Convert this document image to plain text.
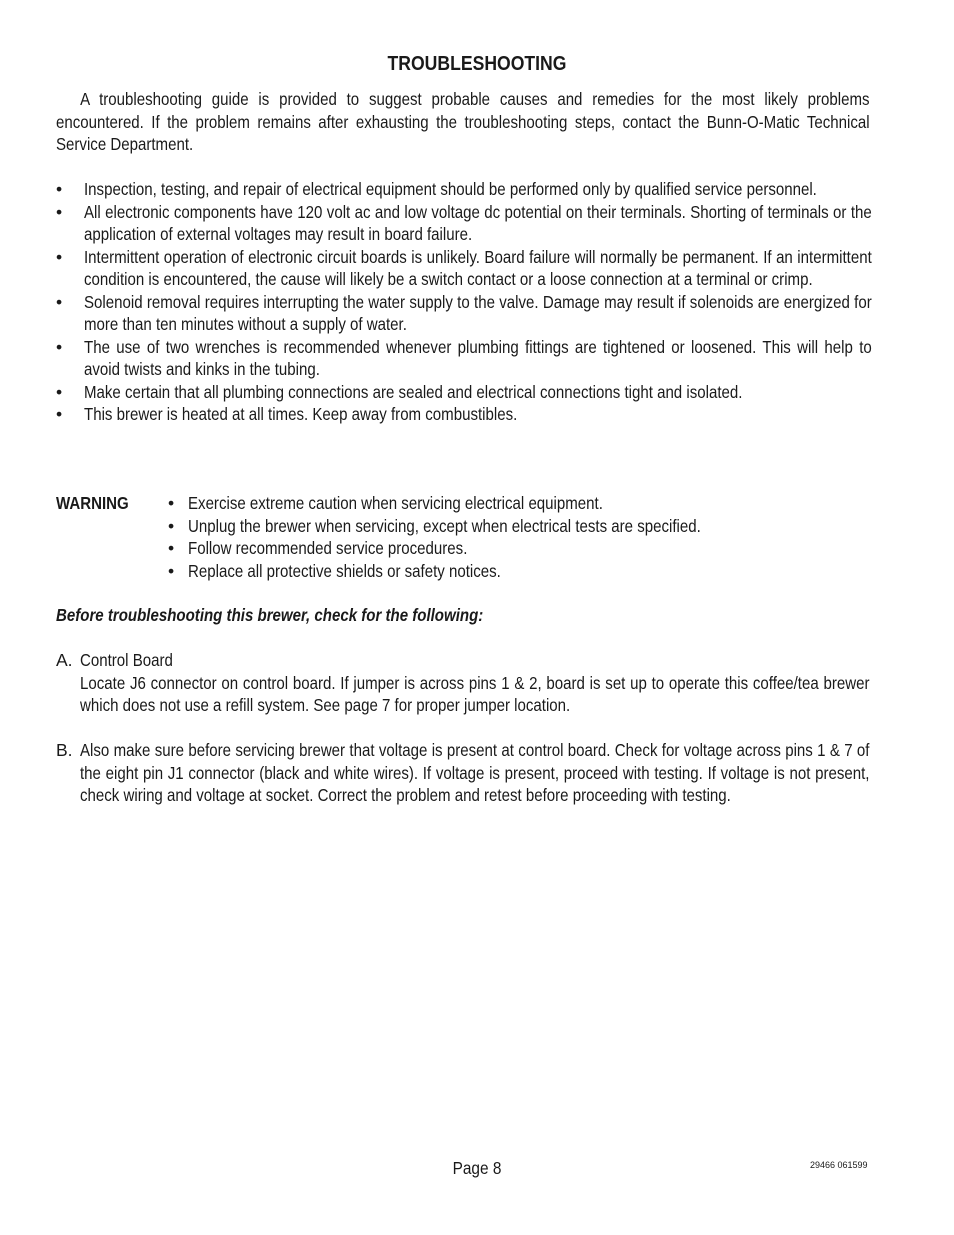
TROUBLESHOOTING
A troubleshooting guide is provided to suggest probable causes and remedies for the most likely problems encountered. If the problem remains after exhausting the troubleshooting steps, contact the Bunn-O-Matic Technical Service Department.
• Inspection, testing, and repair of electrical equipment should be performed only by qualified service personnel.
• All electronic components have 120 volt ac and low voltage dc potential on their terminals. Shorting of terminals or the application of external voltages may result in board failure.
• Intermittent operation of electronic circuit boards is unlikely. Board failure will normally be permanent. If an intermittent condition is encountered, the cause will likely be a switch contact or a loose connection at a terminal or crimp.
• Solenoid removal requires interrupting the water supply to the valve. Damage may result if solenoids are energized for more than ten minutes without a supply of water.
• The use of two wrenches is recommended whenever plumbing fittings are tightened or loosened. This will help to avoid twists and kinks in the tubing.
• Make certain that all plumbing connections are sealed and electrical connections tight and isolated.
• This brewer is heated at all times. Keep away from combustibles.
WARNING • Exercise extreme caution when servicing electrical equipment.
• Unplug the brewer when servicing, except when electrical tests are specified.
• Follow recommended service procedures.
• Replace all protective shields or safety notices.
Before troubleshooting this brewer, check for the following:
A. Control Board
Locate J6 connector on control board. If jumper is across pins 1 & 2, board is set up to operate this coffee/tea brewer which does not use a refill system. See page 7 for proper jumper location.
B. Also make sure before servicing brewer that voltage is present at control board. Check for voltage across pins 1 & 7 of the eight pin J1 connector (black and white wires). If voltage is present, proceed with testing. If voltage is not present, check wiring and voltage at socket. Correct the problem and retest before proceeding with testing.
Page 8	29466 061599
